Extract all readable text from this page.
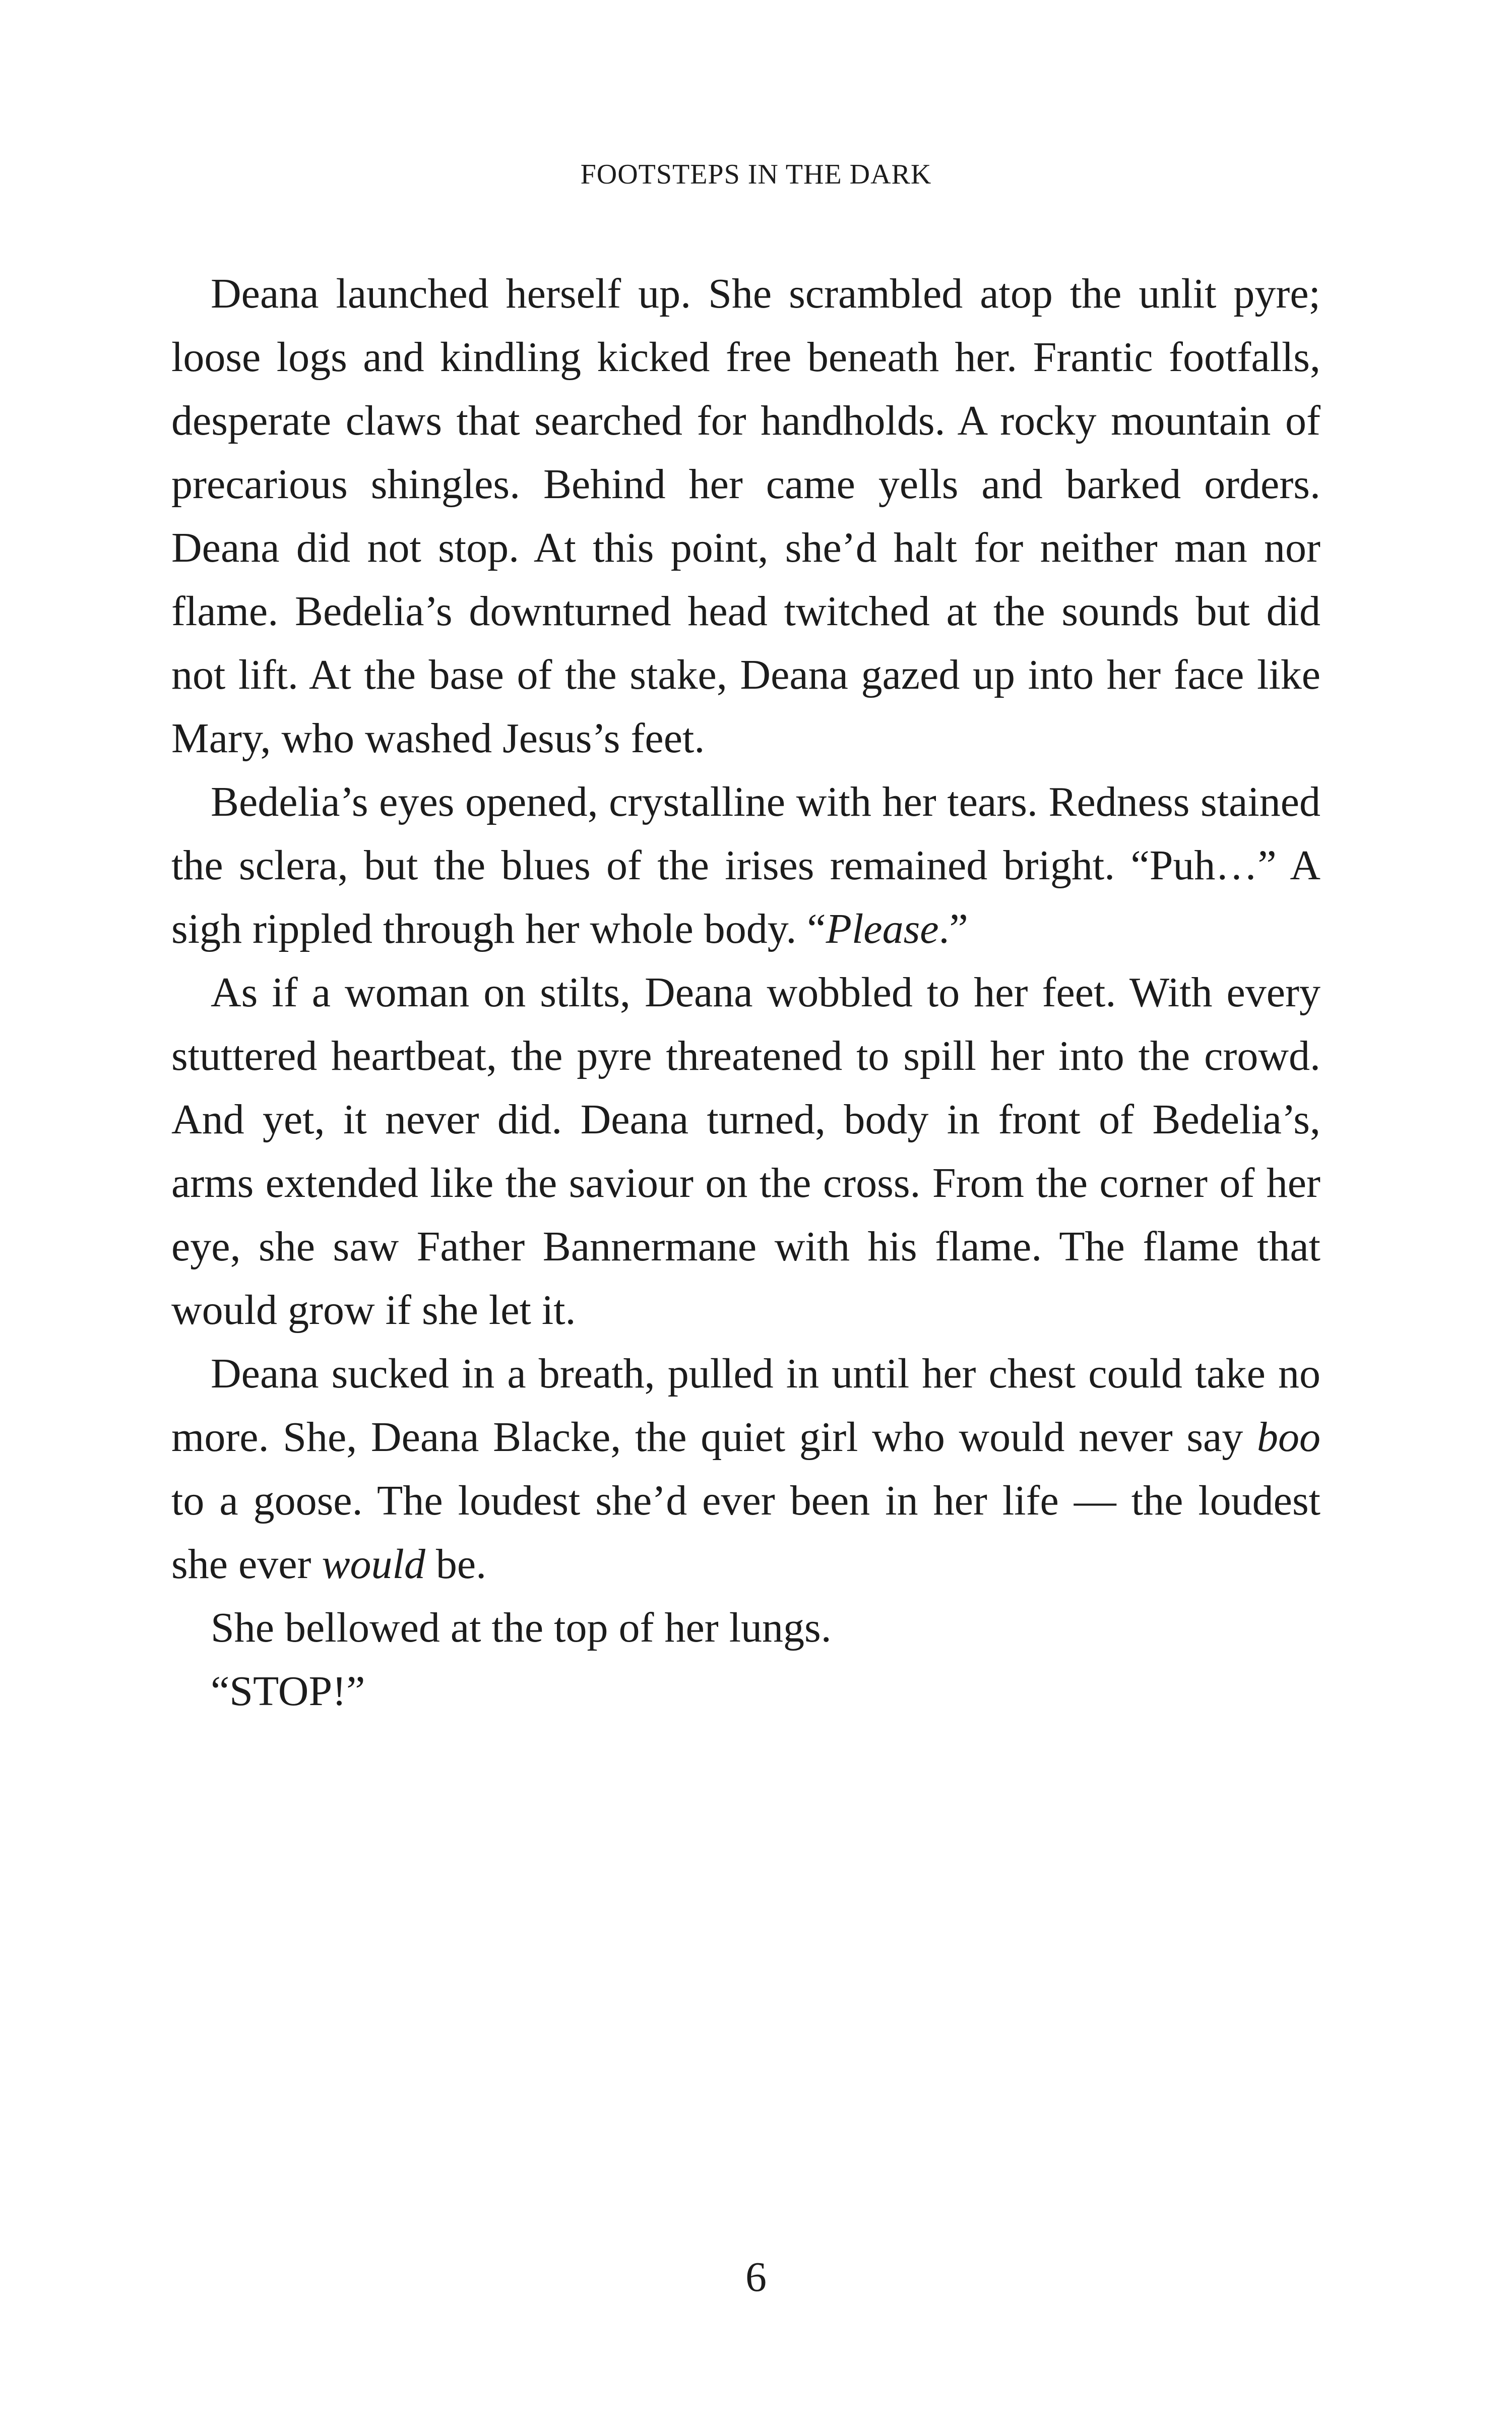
FOOTSTEPS IN THE DARK

Deana launched herself up. She scrambled atop the unlit pyre; loose logs and kindling kicked free beneath her. Frantic footfalls, desperate claws that searched for handholds. A rocky mountain of precarious shingles. Behind her came yells and barked orders. Deana did not stop. At this point, she’d halt for neither man nor flame. Bedelia’s downturned head twitched at the sounds but did not lift. At the base of the stake, Deana gazed up into her face like Mary, who washed Jesus’s feet.

Bedelia’s eyes opened, crystalline with her tears. Redness stained the sclera, but the blues of the irises remained bright. “Puh…” A sigh rippled through her whole body. “Please.”

As if a woman on stilts, Deana wobbled to her feet. With every stuttered heartbeat, the pyre threatened to spill her into the crowd. And yet, it never did. Deana turned, body in front of Bedelia’s, arms extended like the saviour on the cross. From the corner of her eye, she saw Father Bannermane with his flame. The flame that would grow if she let it.

Deana sucked in a breath, pulled in until her chest could take no more. She, Deana Blacke, the quiet girl who would never say boo to a goose. The loudest she’d ever been in her life — the loudest she ever would be.

She bellowed at the top of her lungs.

“STOP!”

6
